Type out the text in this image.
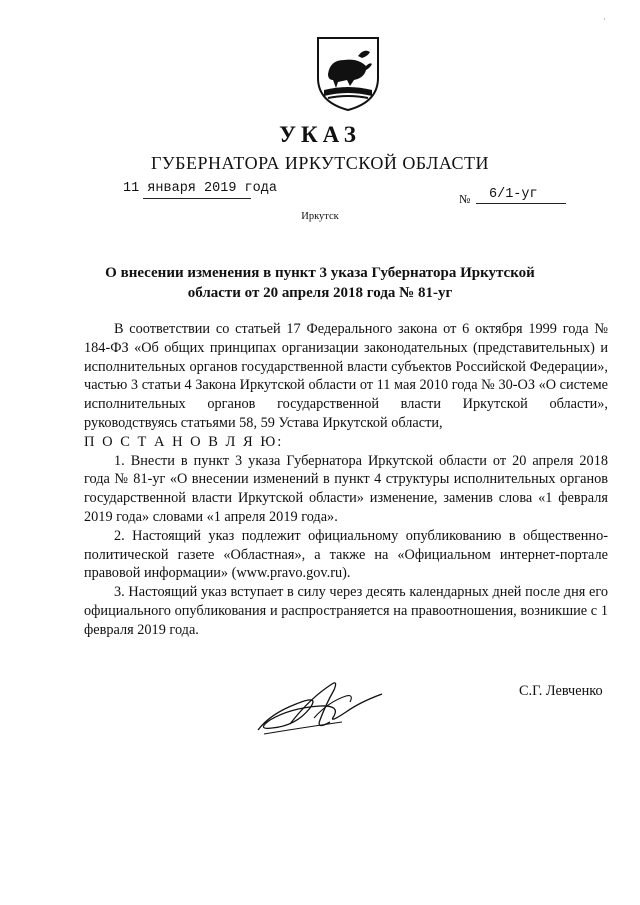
·
УКАЗ
ГУБЕРНАТОРА ИРКУТСКОЙ ОБЛАСТИ
11 января 2019 года
№ 6/1-уг
Иркутск
О внесении изменения в пункт 3 указа Губернатора Иркутской области от 20 апреля 2018 года № 81-уг

В соответствии со статьей 17 Федерального закона от 6 октября 1999 года № 184-ФЗ «Об общих принципах организации законодательных (представительных) и исполнительных органов государственной власти субъектов Российской Федерации», частью 3 статьи 4 Закона Иркутской области от 11 мая 2010 года № 30-ОЗ «О системе исполнительных органов государственной власти Иркутской области», руководствуясь статьями 58, 59 Устава Иркутской области,

П О С Т А Н О В Л Я Ю:

1. Внести в пункт 3 указа Губернатора Иркутской области от 20 апреля 2018 года № 81-уг «О внесении изменений в пункт 4 структуры исполнительных органов государственной власти Иркутской области» изменение, заменив слова «1 февраля 2019 года» словами «1 апреля 2019 года».

2. Настоящий указ подлежит официальному опубликованию в общественно-политической газете «Областная», а также на «Официальном интернет-портале правовой информации» (www.pravo.gov.ru).

3. Настоящий указ вступает в силу через десять календарных дней после дня его официального опубликования и распространяется на правоотношения, возникшие с 1 февраля 2019 года.

С.Г. Левченко
